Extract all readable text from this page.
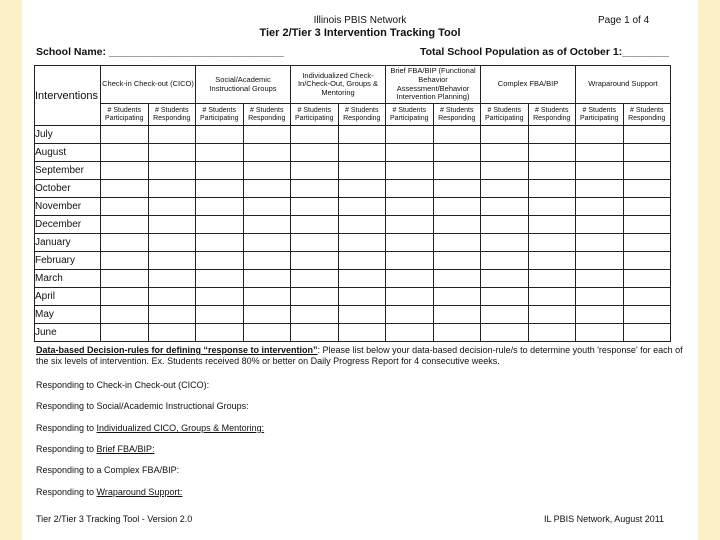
Illinois PBIS Network	Page 1 of 4
Tier 2/Tier 3 Intervention Tracking Tool
School Name: ______________________________	Total School Population as of October 1:________
Interventions	Check-in Check-out (CICO)		Social/Academic Instructional Groups		Individualized Check-In/Check-Out, Groups & Mentoring		Brief FBA/BIP (Functional Behavior Assessment/Behavior Intervention Planning)		Complex FBA/BIP		Wraparound Support	
	# Students Participating	# Students Responding	# Students Participating	# Students Responding	# Students Participating	# Students Responding	# Students Participating	# Students Responding	# Students Participating	# Students Responding	# Students Participating	# Students Responding
July												
August												
September												
October												
November												
December												
January												
February												
March												
April												
May												
June												
Data-based Decision-rules for defining “response to intervention”: Please list below your data-based decision-rule/s to determine youth 'response' for each of the six levels of intervention. Ex. Students received 80% or better on Daily Progress Report for 4 consecutive weeks.
Responding to Check-in Check-out (CICO):
Responding to Social/Academic Instructional Groups:
Responding to Individualized CICO, Groups & Mentoring:
Responding to Brief FBA/BIP:
Responding to a Complex FBA/BIP:
Responding to Wraparound Support:
Tier 2/Tier 3 Tracking Tool - Version 2.0	IL PBIS Network, August 2011
